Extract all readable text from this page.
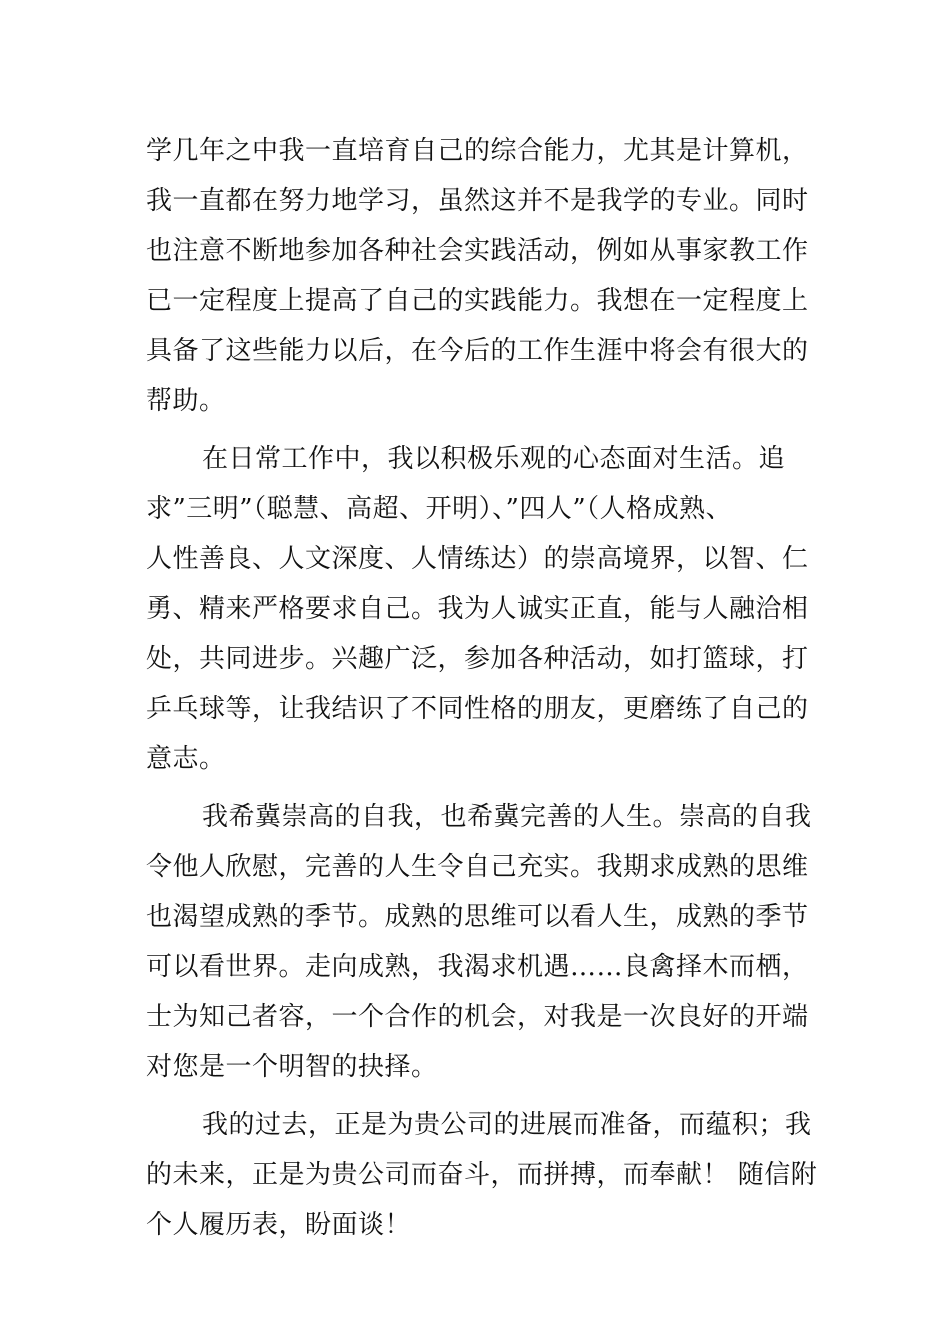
学几年之中我一直培育自己的综合能力，尤其是计算机，
我一直都在努力地学习，虽然这并不是我学的专业。同时
也注意不断地参加各种社会实践活动，例如从事家教工作
已一定程度上提高了自己的实践能力。我想在一定程度上
具备了这些能力以后，在今后的工作生涯中将会有很大的
帮助。
在日常工作中，我以积极乐观的心态面对生活。追
求”三明”（聪慧、高超、开明）、”四人”（人格成熟、
人性善良、人文深度、人情练达）的崇高境界，以智、仁
勇、精来严格要求自己。我为人诚实正直，能与人融洽相
处，共同进步。兴趣广泛，参加各种活动，如打篮球，打
乒乓球等，让我结识了不同性格的朋友，更磨练了自己的
意志。
我希冀崇高的自我，也希冀完善的人生。崇高的自我
令他人欣慰，完善的人生令自己充实。我期求成熟的思维
也渴望成熟的季节。成熟的思维可以看人生，成熟的季节
可以看世界。走向成熟，我渴求机遇……良禽择木而栖，
士为知己者容，一个合作的机会，对我是一次良好的开端
对您是一个明智的抉择。
我的过去，正是为贵公司的进展而准备，而蕴积；我
的未来，正是为贵公司而奋斗，而拼搏，而奉献！ 随信附
个人履历表，盼面谈！
